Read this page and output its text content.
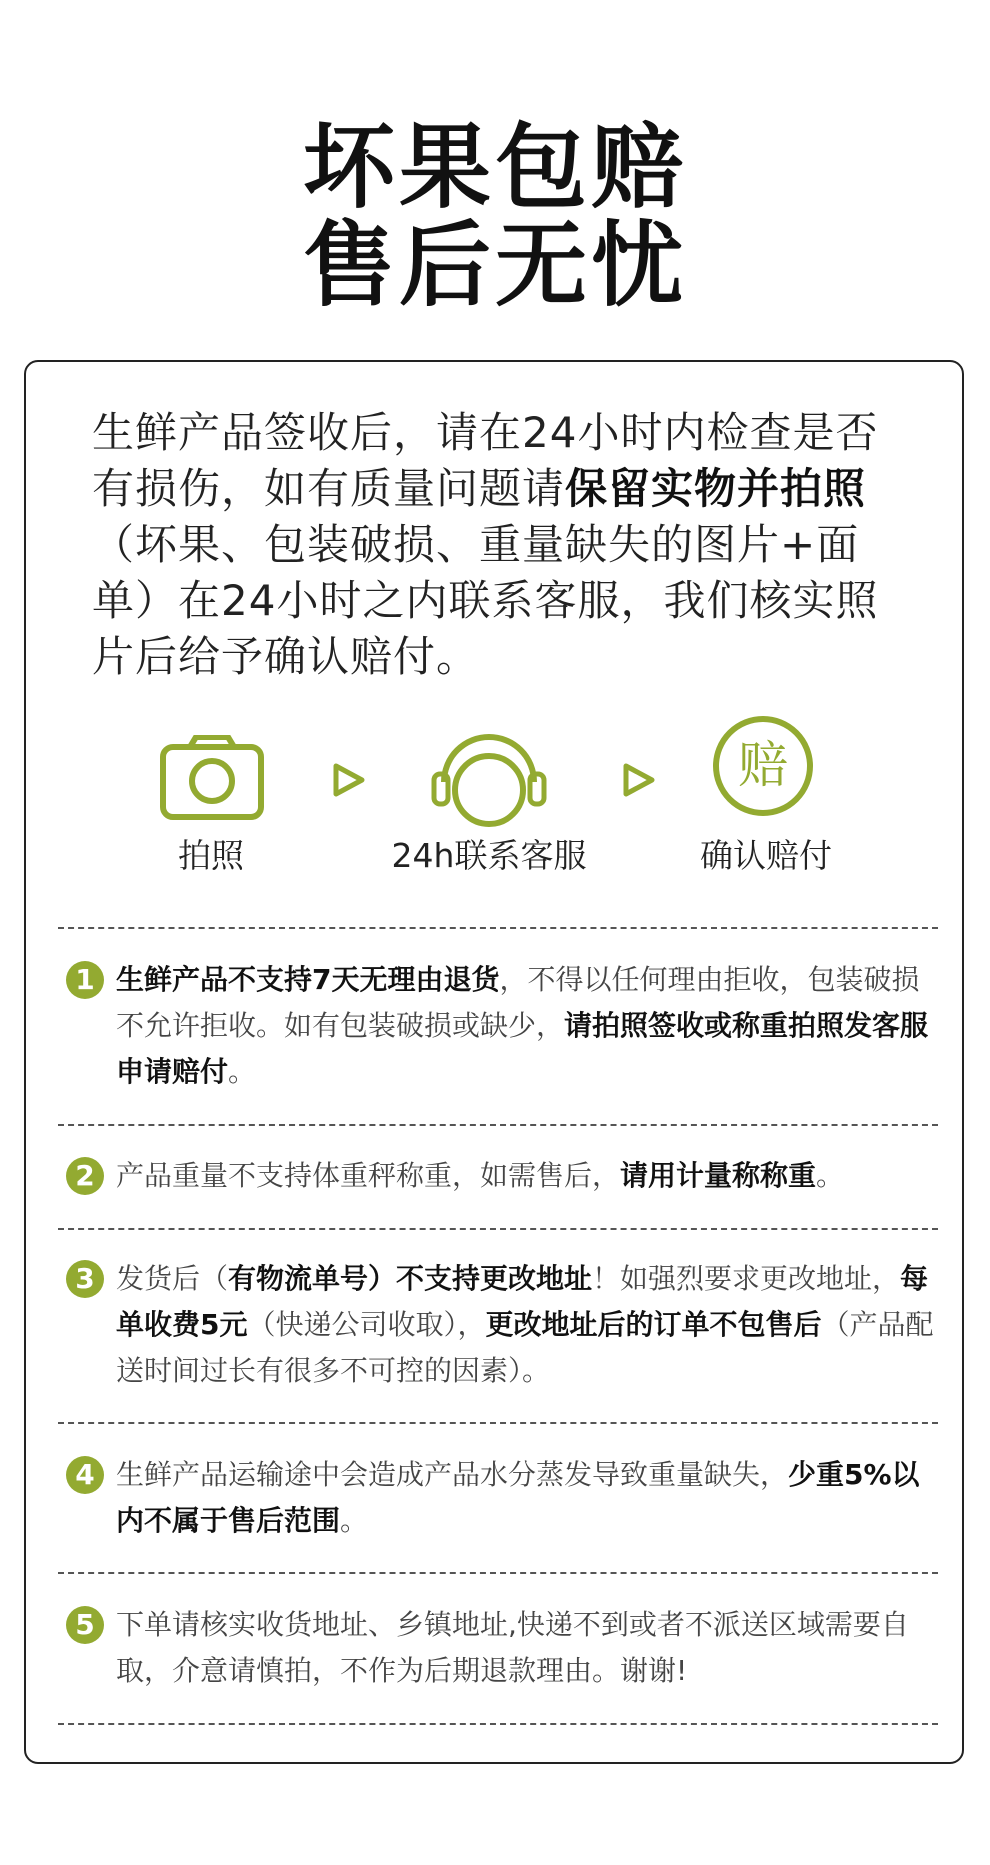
坏果包赔
售后无忧
生鲜产品签收后，请在24小时内检查是否有损伤，如有质量问题请保留实物并拍照（坏果、包装破损、重量缺失的图片+面单）在24小时之内联系客服，我们核实照片后给予确认赔付。
拍照	24h联系客服
赔
确认赔付
1 生鲜产品不支持7天无理由退货，不得以任何理由拒收，包装破损不允许拒收。如有包装破损或缺少，请拍照签收或称重拍照发客服申请赔付。
2 产品重量不支持体重秤称重，如需售后，请用计量称称重。
3 发货后（有物流单号）不支持更改地址！如强烈要求更改地址，每单收费5元（快递公司收取），更改地址后的订单不包售后（产品配送时间过长有很多不可控的因素）。
4 生鲜产品运输途中会造成产品水分蒸发导致重量缺失，少重5%以内不属于售后范围。
5 下单请核实收货地址、乡镇地址,快递不到或者不派送区域需要自取，介意请慎拍，不作为后期退款理由。谢谢!
